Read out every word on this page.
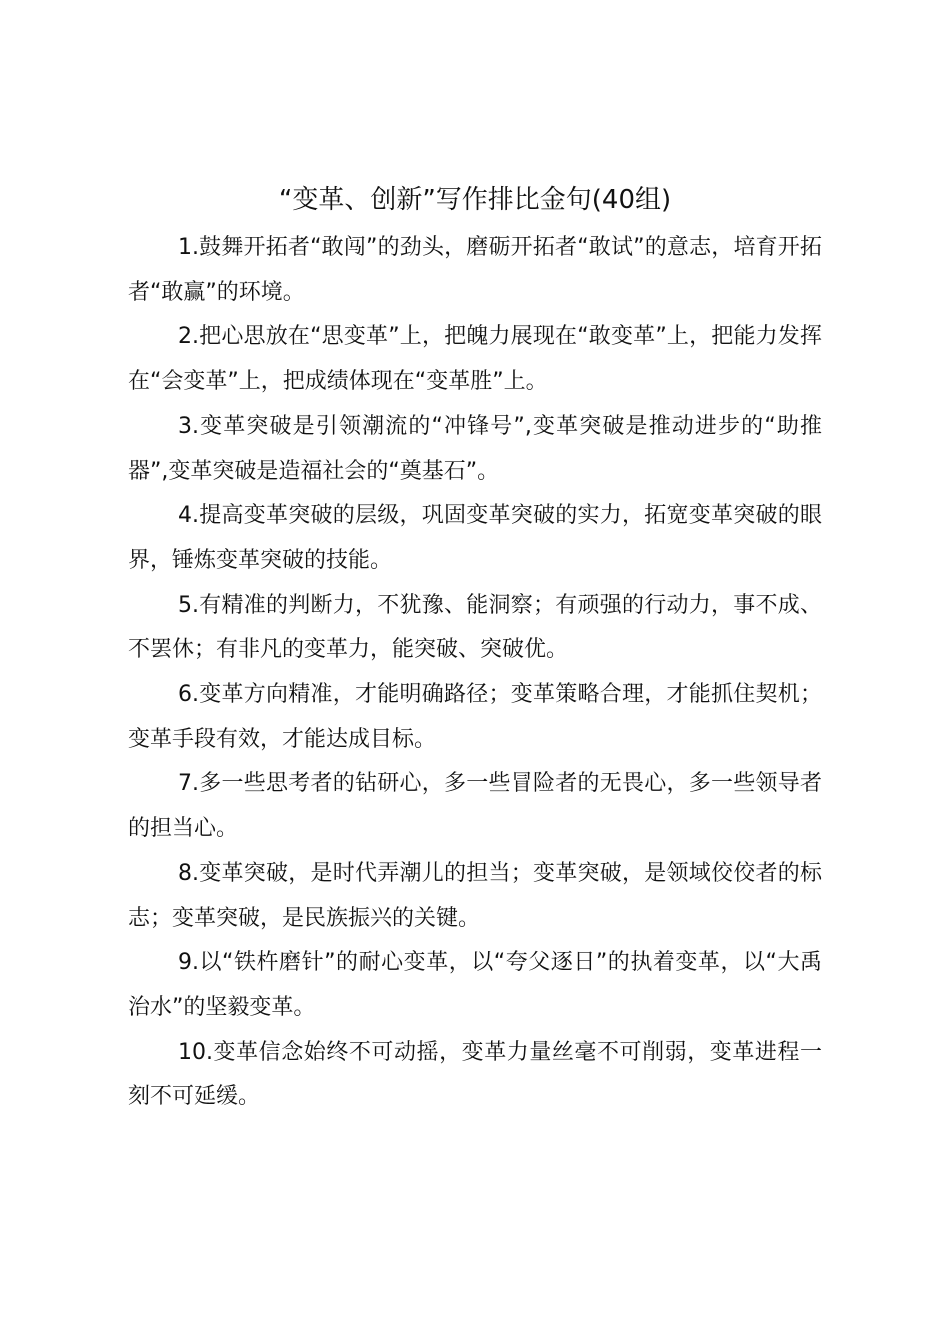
“变革、创新”写作排比金句(40组)

1.鼓舞开拓者“敢闯”的劲头，磨砺开拓者“敢试”的意志，培育开拓者“敢赢”的环境。

2.把心思放在“思变革”上，把魄力展现在“敢变革”上，把能力发挥在“会变革”上，把成绩体现在“变革胜”上。

3.变革突破是引领潮流的“冲锋号”,变革突破是推动进步的“助推器”,变革突破是造福社会的“奠基石”。

4.提高变革突破的层级，巩固变革突破的实力，拓宽变革突破的眼界，锤炼变革突破的技能。

5.有精准的判断力，不犹豫、能洞察；有顽强的行动力，事不成、不罢休；有非凡的变革力，能突破、突破优。

6.变革方向精准，才能明确路径；变革策略合理，才能抓住契机；变革手段有效，才能达成目标。

7.多一些思考者的钻研心，多一些冒险者的无畏心，多一些领导者的担当心。

8.变革突破，是时代弄潮儿的担当；变革突破，是领域佼佼者的标志；变革突破，是民族振兴的关键。

9.以“铁杵磨针”的耐心变革，以“夸父逐日”的执着变革，以“大禹治水”的坚毅变革。

10.变革信念始终不可动摇，变革力量丝毫不可削弱，变革进程一刻不可延缓。
